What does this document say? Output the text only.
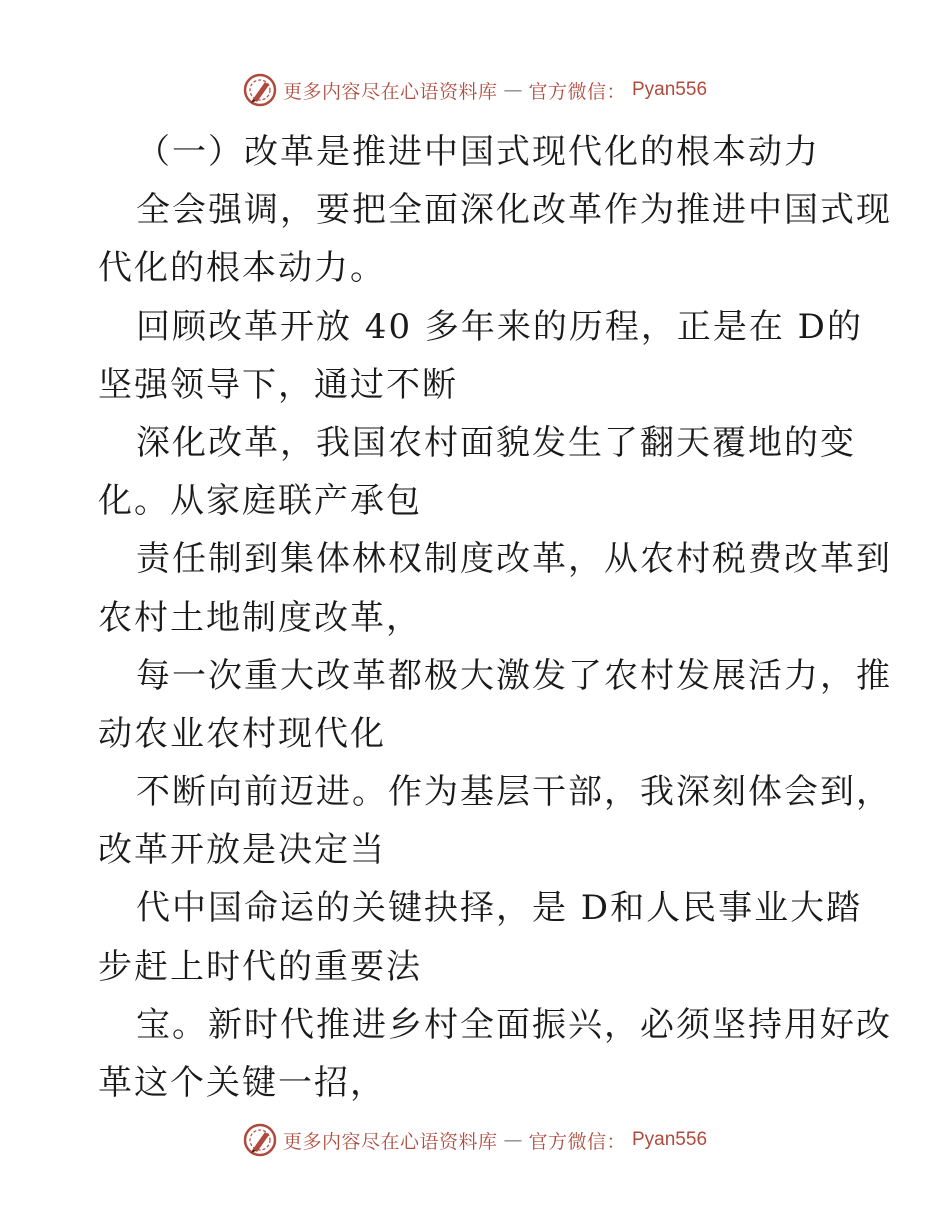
更多内容尽在心语资料库 — 官方微信： Pyan556
（一）改革是推进中国式现代化的根本动力
全会强调，要把全面深化改革作为推进中国式现
代化的根本动力。
回顾改革开放 40 多年来的历程，正是在 D的
坚强领导下，通过不断
深化改革，我国农村面貌发生了翻天覆地的变
化。从家庭联产承包
责任制到集体林权制度改革，从农村税费改革到
农村土地制度改革，
每一次重大改革都极大激发了农村发展活力，推
动农业农村现代化
不断向前迈进。作为基层干部，我深刻体会到，
改革开放是决定当
代中国命运的关键抉择，是 D和人民事业大踏
步赶上时代的重要法
宝。新时代推进乡村全面振兴，必须坚持用好改
革这个关键一招，
更多内容尽在心语资料库 — 官方微信： Pyan556
